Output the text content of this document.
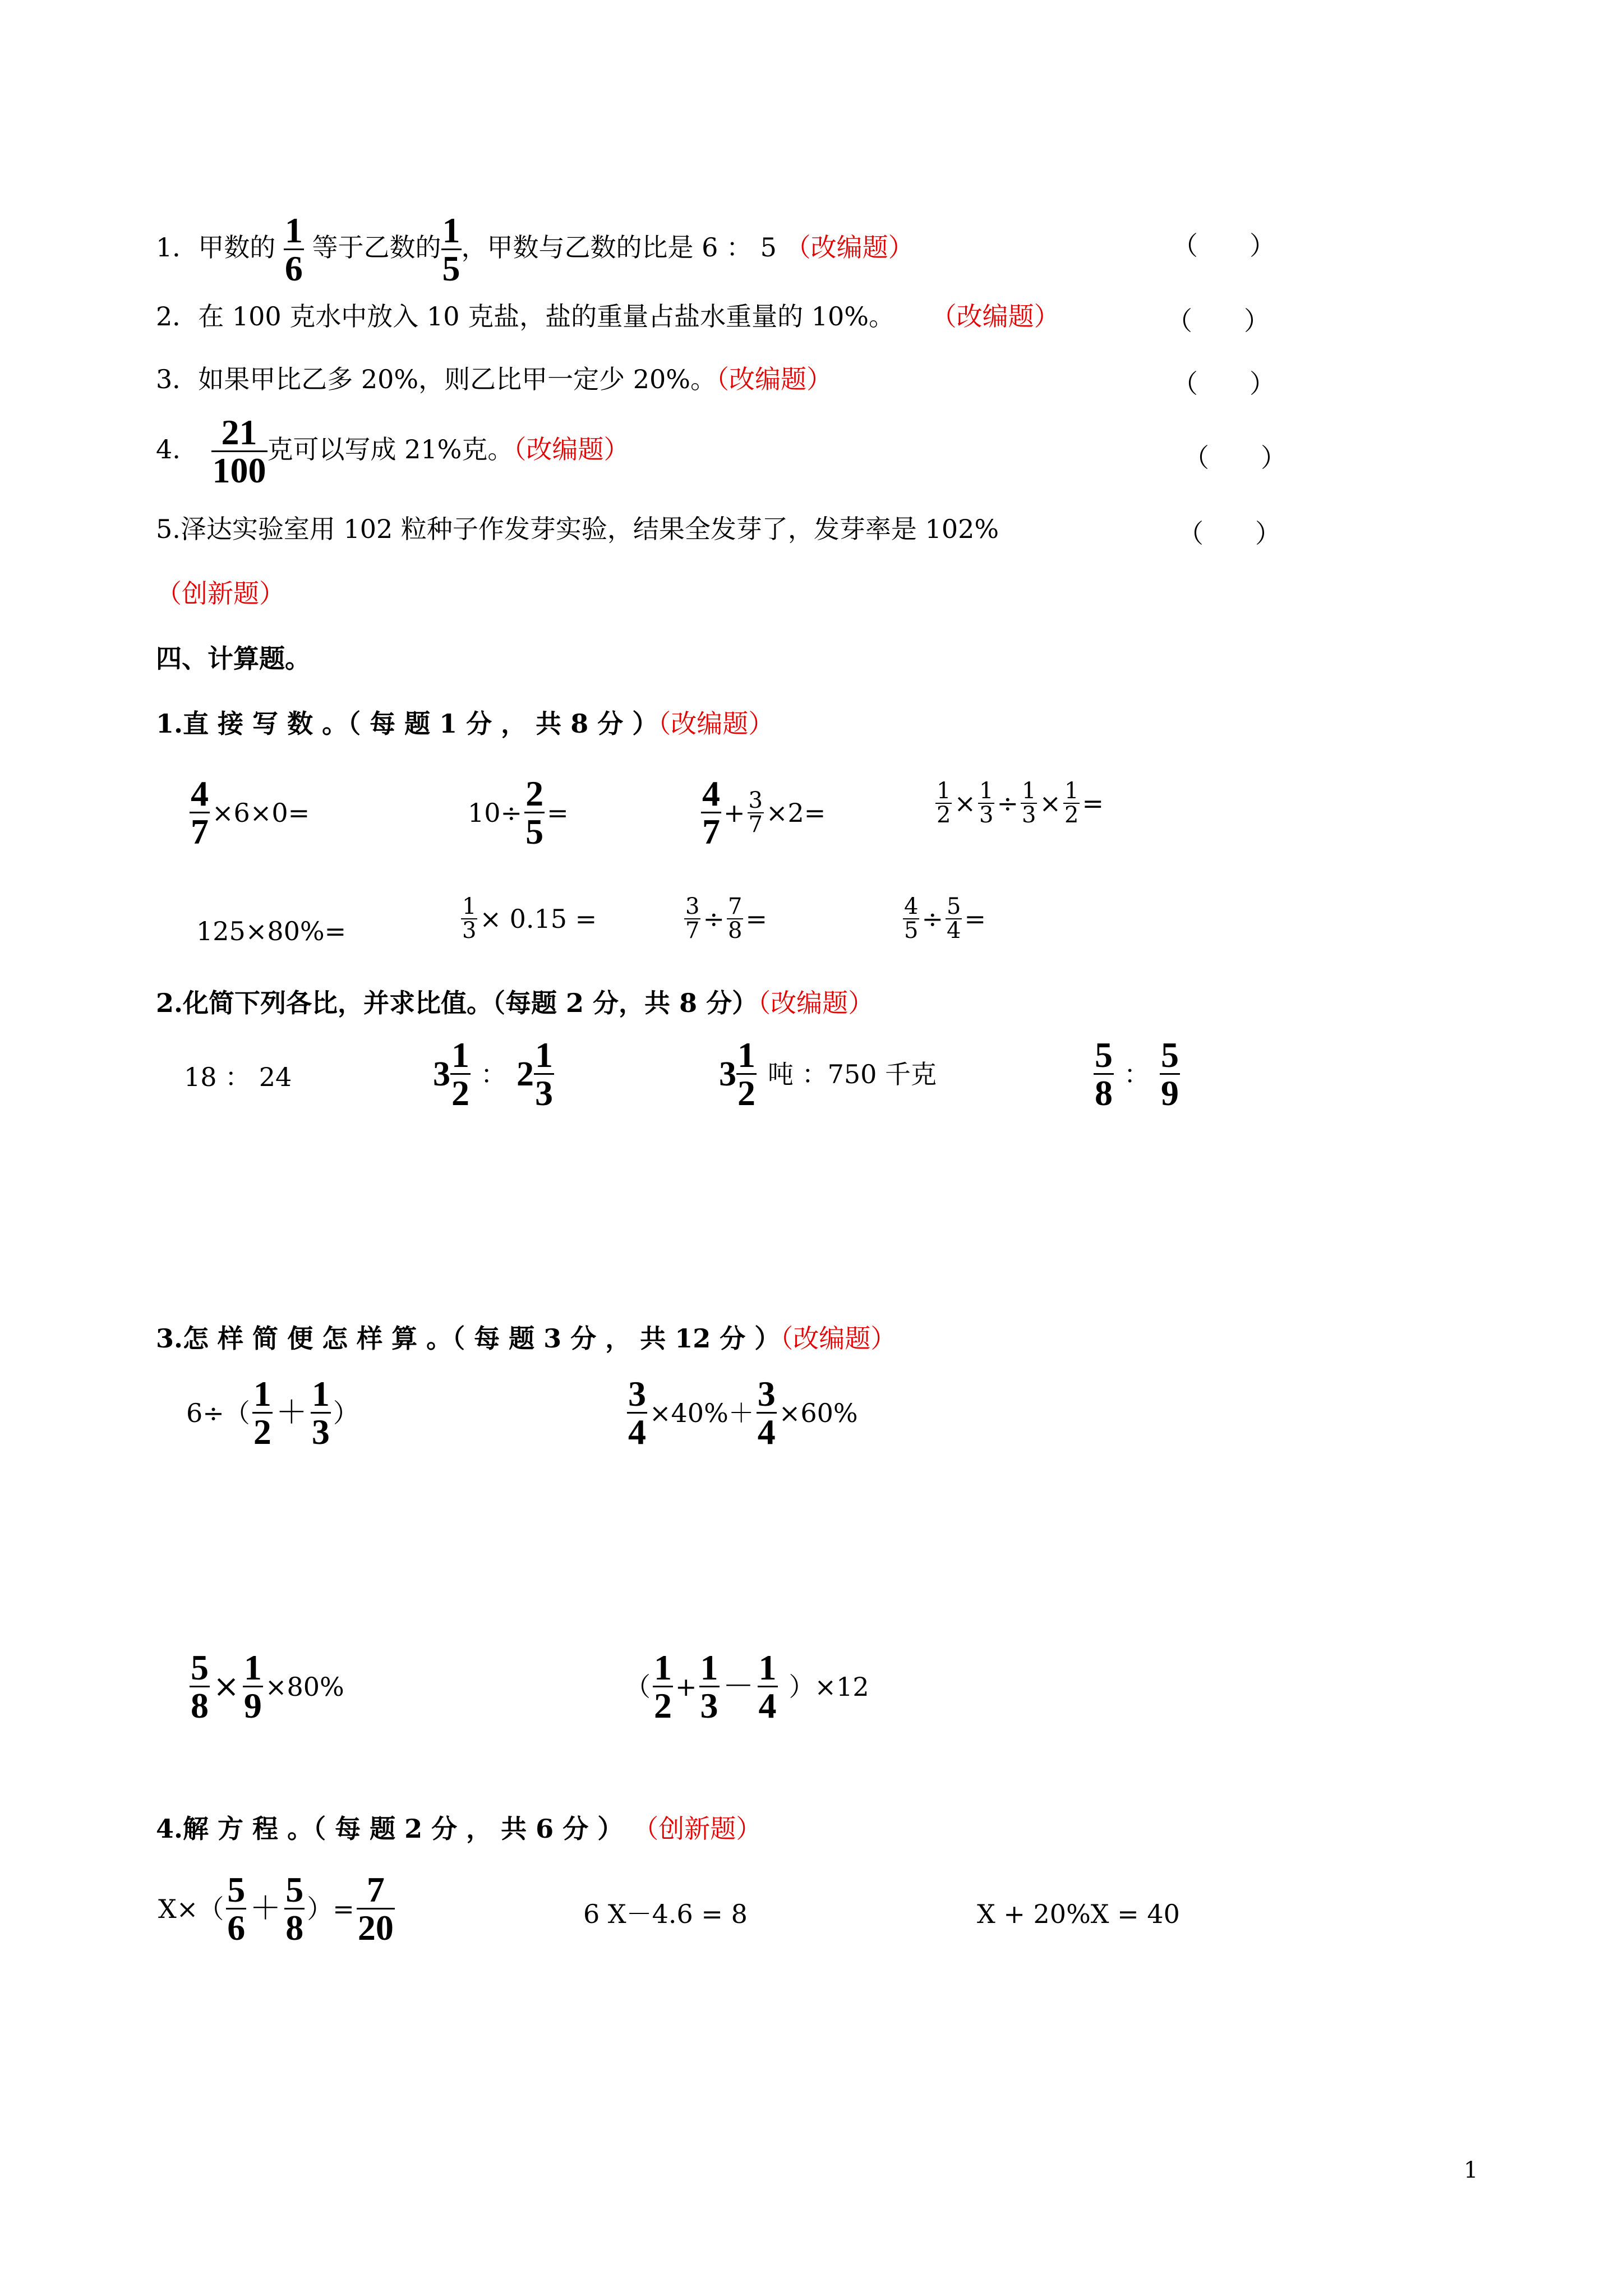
1．甲数的 $\frac{1}{6}$ 等于乙数的 $\frac{1}{5}$ ，甲数与乙数的比是 6 ： 5 （改编题）	（　　）
2．在 100 克水中放入 10 克盐，盐的重量占盐水重量的 10%。 （改编题）	（　　）
3．如果甲比乙多 20%，则乙比甲一定少 20%。（改编题）	（　　）
4. $\frac{21}{100}$ 克可以写成 21%克。（改编题）	（　　）
5.泽达实验室用 102 粒种子作发芽实验，结果全发芽了，发芽率是 102%	（　　）
（创新题）
四、计算题。
1.直 接 写 数 。（ 每 题 1 分 ， 共 8 分 ）（改编题）
$\frac{4}{7} \times 6\times 0=$	$10\div \frac{2}{5}$ =	$\frac{4}{7} + \frac{3}{7} \times 2=$	$\frac{1}{2} \times \frac{1}{3} \div \frac{1}{3} \times \frac{1}{2}$ =
125×80%=	$\frac{1}{3} \times 0.15$ =	$\frac{3}{7} \div \frac{7}{8}$ =	$\frac{4}{5} \div \frac{5}{4}$ =
2.化简下列各比，并求比值。（每题 2 分，共 8 分）（改编题）
18 ： 24	$3 \frac{1}{2}$ ： $2 \frac{1}{3}$	$3 \frac{1}{2}$ 吨 ：750 千克	$\frac{5}{8}$ ： $\frac{5}{9}$
3.怎 样 简 便 怎 样 算 。（ 每 题 3 分 ， 共 12 分 ）（改编题）
$6\div( \frac{1}{2} + \frac{1}{3}$ ）	$\frac{3}{4} \times 40\%+ \frac{3}{4} \times 60\%$
$\frac{5}{8} \times \frac{1}{9} \times 80\%$	（ $\frac{1}{2} + \frac{1}{3} - \frac{1}{4} )\times 12$
4.解 方 程 。（ 每 题 2 分 ， 共 6 分 ） （创新题）
$X\times( \frac{5}{6} + \frac{5}{8}$ ）= $\frac{7}{20}$	6 X－4.6 = 8	X + 20%X = 40
1
